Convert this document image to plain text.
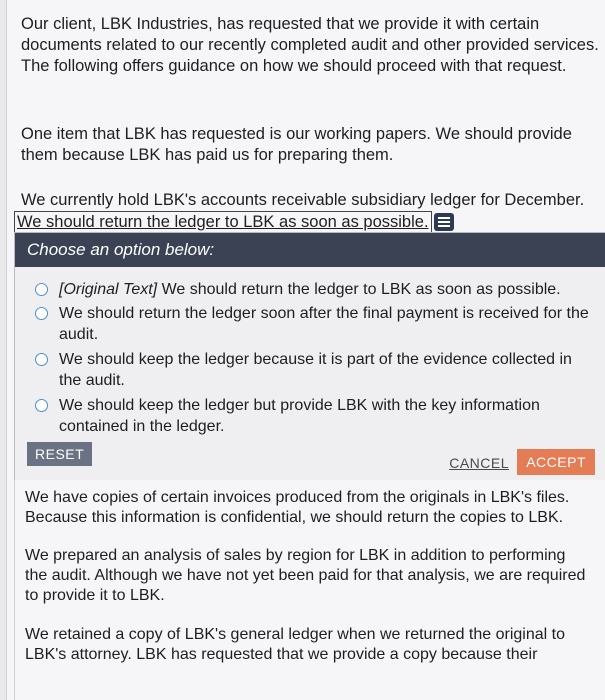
Our client, LBK Industries, has requested that we provide it with certain documents related to our recently completed audit and other provided services. The following offers guidance on how we should proceed with that request.
One item that LBK has requested is our working papers. We should provide them because LBK has paid us for preparing them.
We currently hold LBK's accounts receivable subsidiary ledger for December.
We should return the ledger to LBK as soon as possible.
Choose an option below:
[Original Text] We should return the ledger to LBK as soon as possible.
We should return the ledger soon after the final payment is received for the audit.
We should keep the ledger because it is part of the evidence collected in the audit.
We should keep the ledger but provide LBK with the key information contained in the ledger.
RESET
CANCEL	ACCEPT
We have copies of certain invoices produced from the originals in LBK's files. Because this information is confidential, we should return the copies to LBK.
We prepared an analysis of sales by region for LBK in addition to performing the audit. Although we have not yet been paid for that analysis, we are required to provide it to LBK.
We retained a copy of LBK's general ledger when we returned the original to LBK's attorney. LBK has requested that we provide a copy because their
